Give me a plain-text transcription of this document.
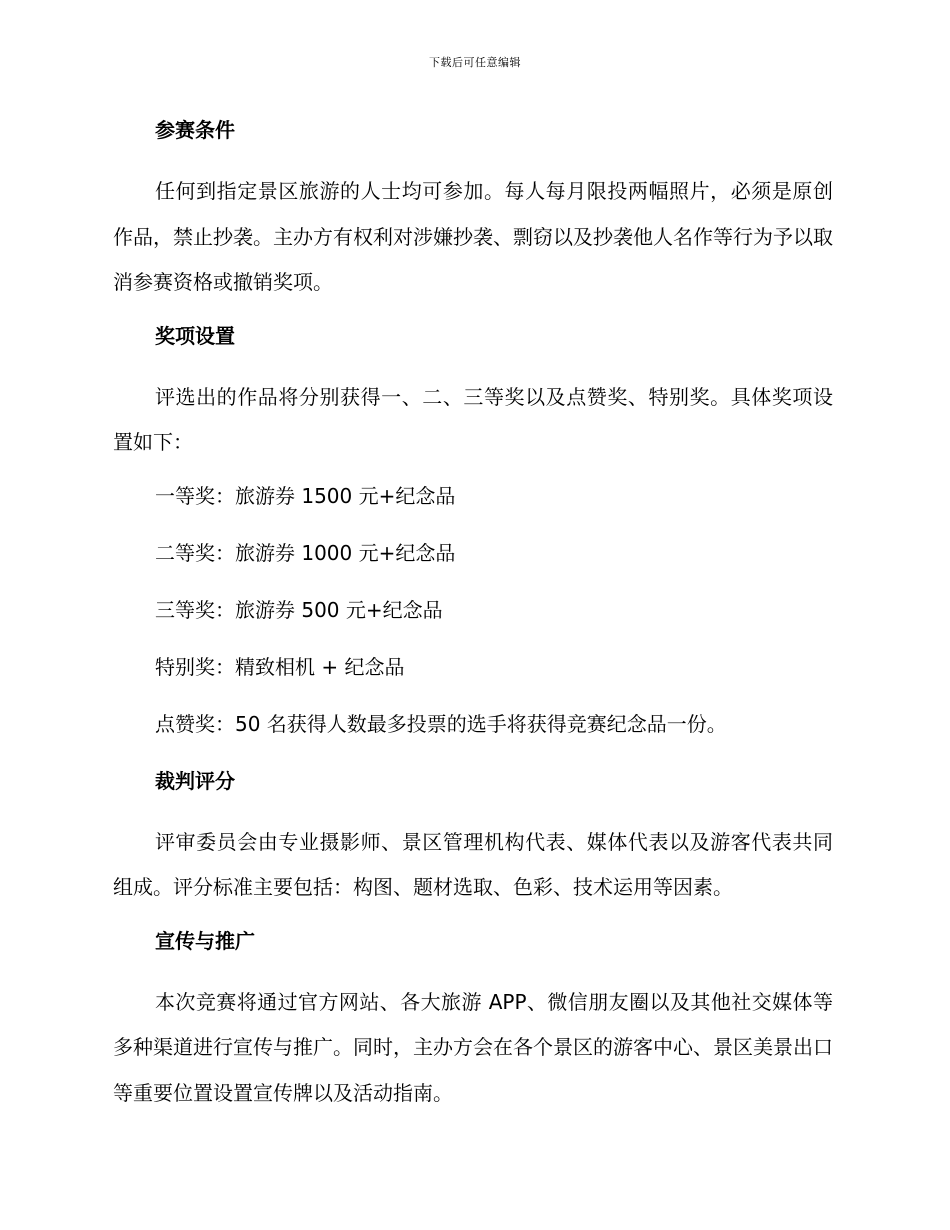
下载后可任意编辑
参赛条件
任何到指定景区旅游的人士均可参加。每人每月限投两幅照片，必须是原创作品，禁止抄袭。主办方有权利对涉嫌抄袭、剽窃以及抄袭他人名作等行为予以取消参赛资格或撤销奖项。
奖项设置
评选出的作品将分别获得一、二、三等奖以及点赞奖、特别奖。具体奖项设置如下：
一等奖：旅游券 1500 元+纪念品
二等奖：旅游券 1000 元+纪念品
三等奖：旅游券 500 元+纪念品
特别奖：精致相机 + 纪念品
点赞奖：50 名获得人数最多投票的选手将获得竞赛纪念品一份。
裁判评分
评审委员会由专业摄影师、景区管理机构代表、媒体代表以及游客代表共同组成。评分标准主要包括：构图、题材选取、色彩、技术运用等因素。
宣传与推广
本次竞赛将通过官方网站、各大旅游 APP、微信朋友圈以及其他社交媒体等多种渠道进行宣传与推广。同时，主办方会在各个景区的游客中心、景区美景出口等重要位置设置宣传牌以及活动指南。
